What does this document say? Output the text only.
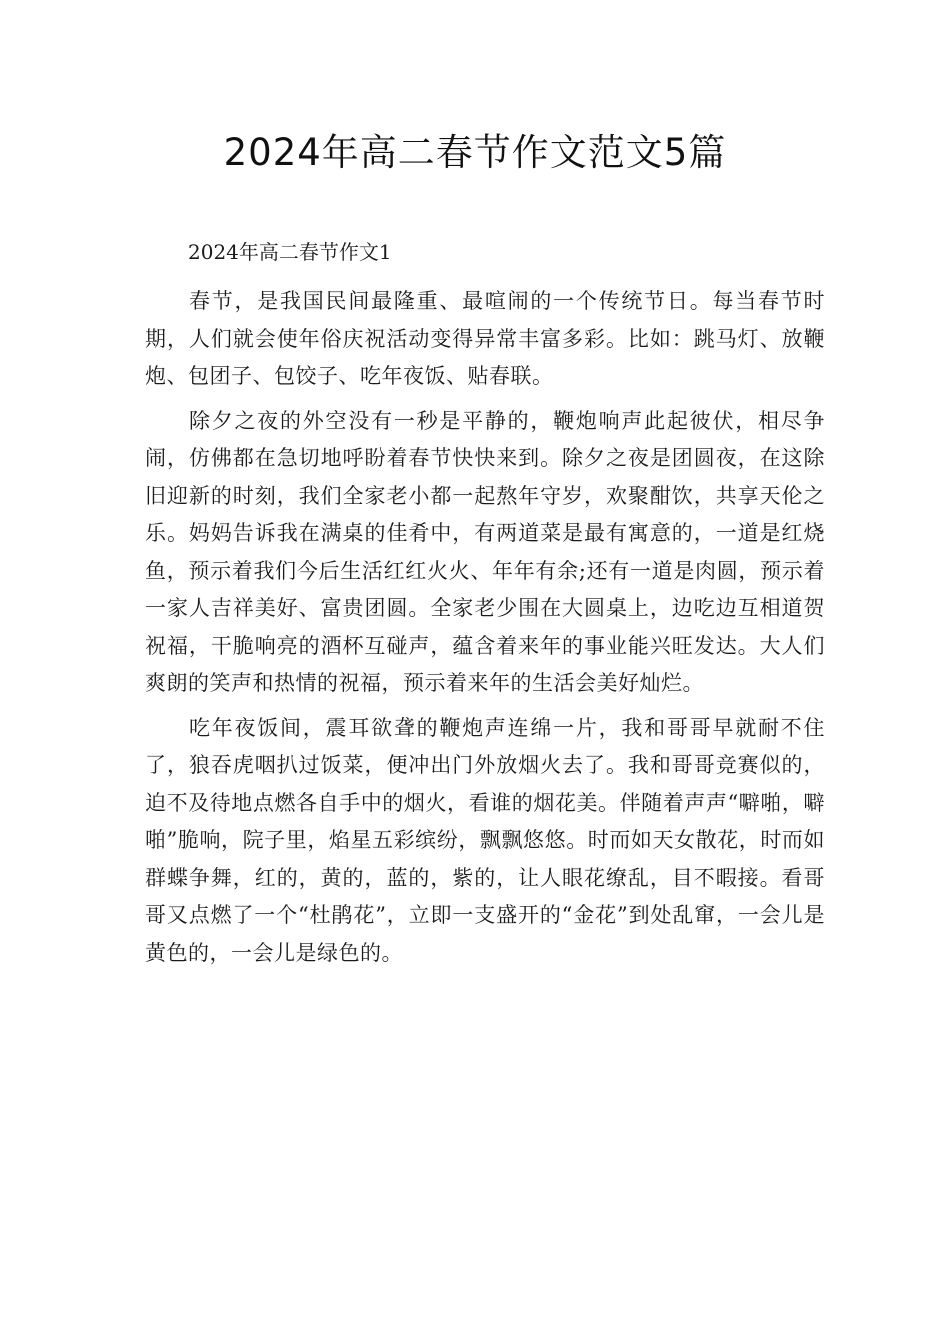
2024年高二春节作文范文5篇

2024年高二春节作文1

春节，是我国民间最隆重、最喧闹的一个传统节日。每当春节时期，人们就会使年俗庆祝活动变得异常丰富多彩。比如：跳马灯、放鞭炮、包团子、包饺子、吃年夜饭、贴春联。

除夕之夜的外空没有一秒是平静的，鞭炮响声此起彼伏，相尽争闹，仿佛都在急切地呼盼着春节快快来到。除夕之夜是团圆夜，在这除旧迎新的时刻，我们全家老小都一起熬年守岁，欢聚酣饮，共享天伦之乐。妈妈告诉我在满桌的佳肴中，有两道菜是最有寓意的，一道是红烧鱼，预示着我们今后生活红红火火、年年有余;还有一道是肉圆，预示着一家人吉祥美好、富贵团圆。全家老少围在大圆桌上，边吃边互相道贺祝福，干脆响亮的酒杯互碰声，蕴含着来年的事业能兴旺发达。大人们爽朗的笑声和热情的祝福，预示着来年的生活会美好灿烂。

吃年夜饭间，震耳欲聋的鞭炮声连绵一片，我和哥哥早就耐不住了，狼吞虎咽扒过饭菜，便冲出门外放烟火去了。我和哥哥竞赛似的，迫不及待地点燃各自手中的烟火，看谁的烟花美。伴随着声声“噼啪，噼啪”脆响，院子里，焰星五彩缤纷，飘飘悠悠。时而如天女散花，时而如群蝶争舞，红的，黄的，蓝的，紫的，让人眼花缭乱，目不暇接。看哥哥又点燃了一个“杜鹃花”，立即一支盛开的“金花”到处乱窜，一会儿是黄色的，一会儿是绿色的。
